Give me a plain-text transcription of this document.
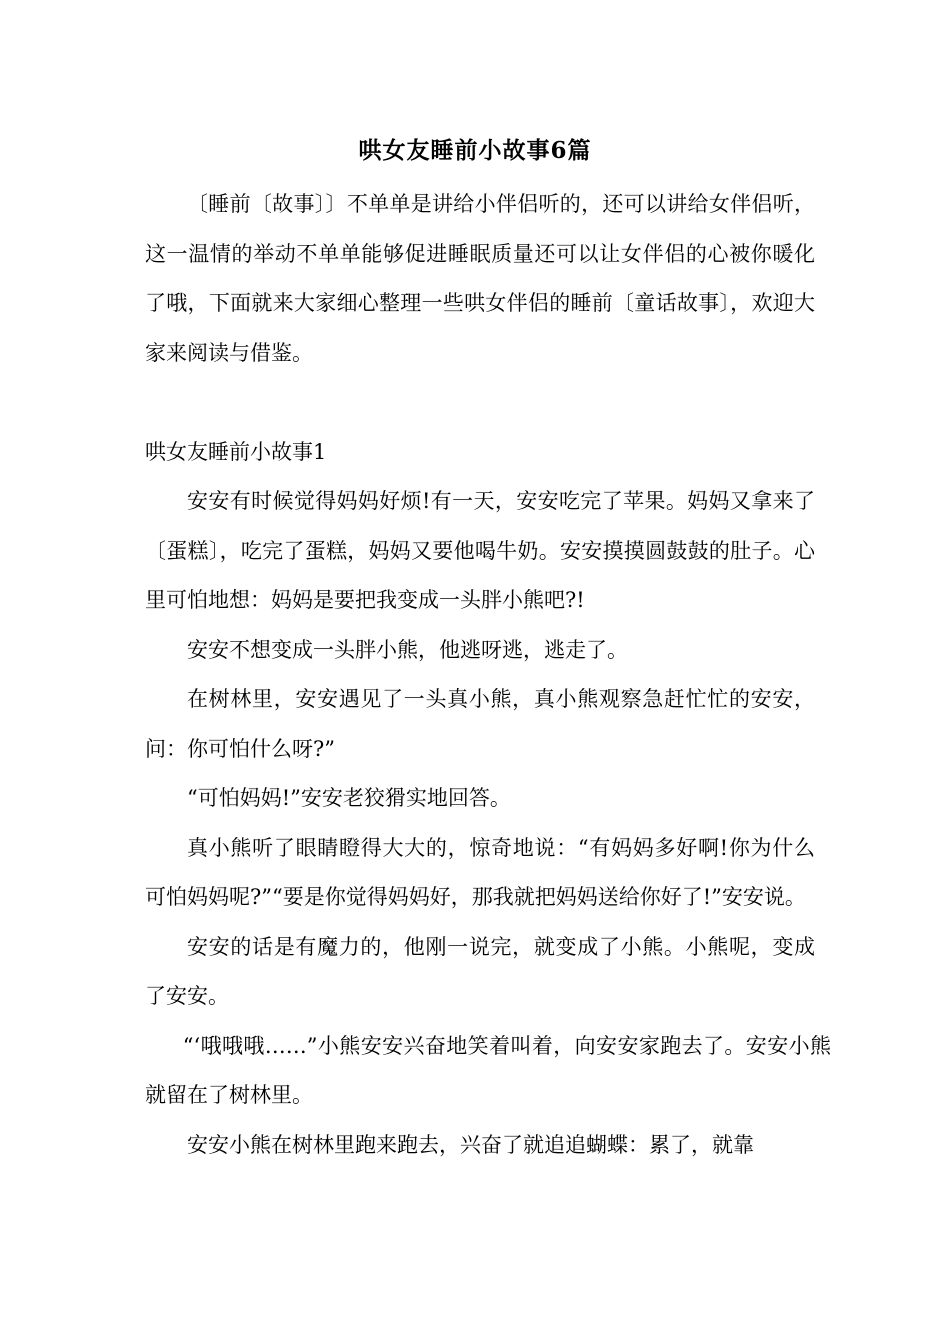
哄女友睡前小故事6篇

〔睡前〔故事〕〕不单单是讲给小伴侣听的，还可以讲给女伴侣听，这一温情的举动不单单能够促进睡眠质量还可以让女伴侣的心被你暖化了哦，下面就来大家细心整理一些哄女伴侣的睡前〔童话故事〕，欢迎大家来阅读与借鉴。

哄女友睡前小故事1

安安有时候觉得妈妈好烦!有一天，安安吃完了苹果。妈妈又拿来了〔蛋糕〕，吃完了蛋糕，妈妈又要他喝牛奶。安安摸摸圆鼓鼓的肚子。心里可怕地想：妈妈是要把我变成一头胖小熊吧?!

安安不想变成一头胖小熊，他逃呀逃，逃走了。

在树林里，安安遇见了一头真小熊，真小熊观察急赶忙忙的安安，问：你可怕什么呀?”

“可怕妈妈!”安安老狡猾实地回答。

真小熊听了眼睛瞪得大大的，惊奇地说：“有妈妈多好啊!你为什么可怕妈妈呢?”“要是你觉得妈妈好，那我就把妈妈送给你好了!”安安说。

安安的话是有魔力的，他刚一说完，就变成了小熊。小熊呢，变成了安安。

“‘哦哦哦……”小熊安安兴奋地笑着叫着，向安安家跑去了。安安小熊就留在了树林里。

安安小熊在树林里跑来跑去，兴奋了就追追蝴蝶：累了，就靠
